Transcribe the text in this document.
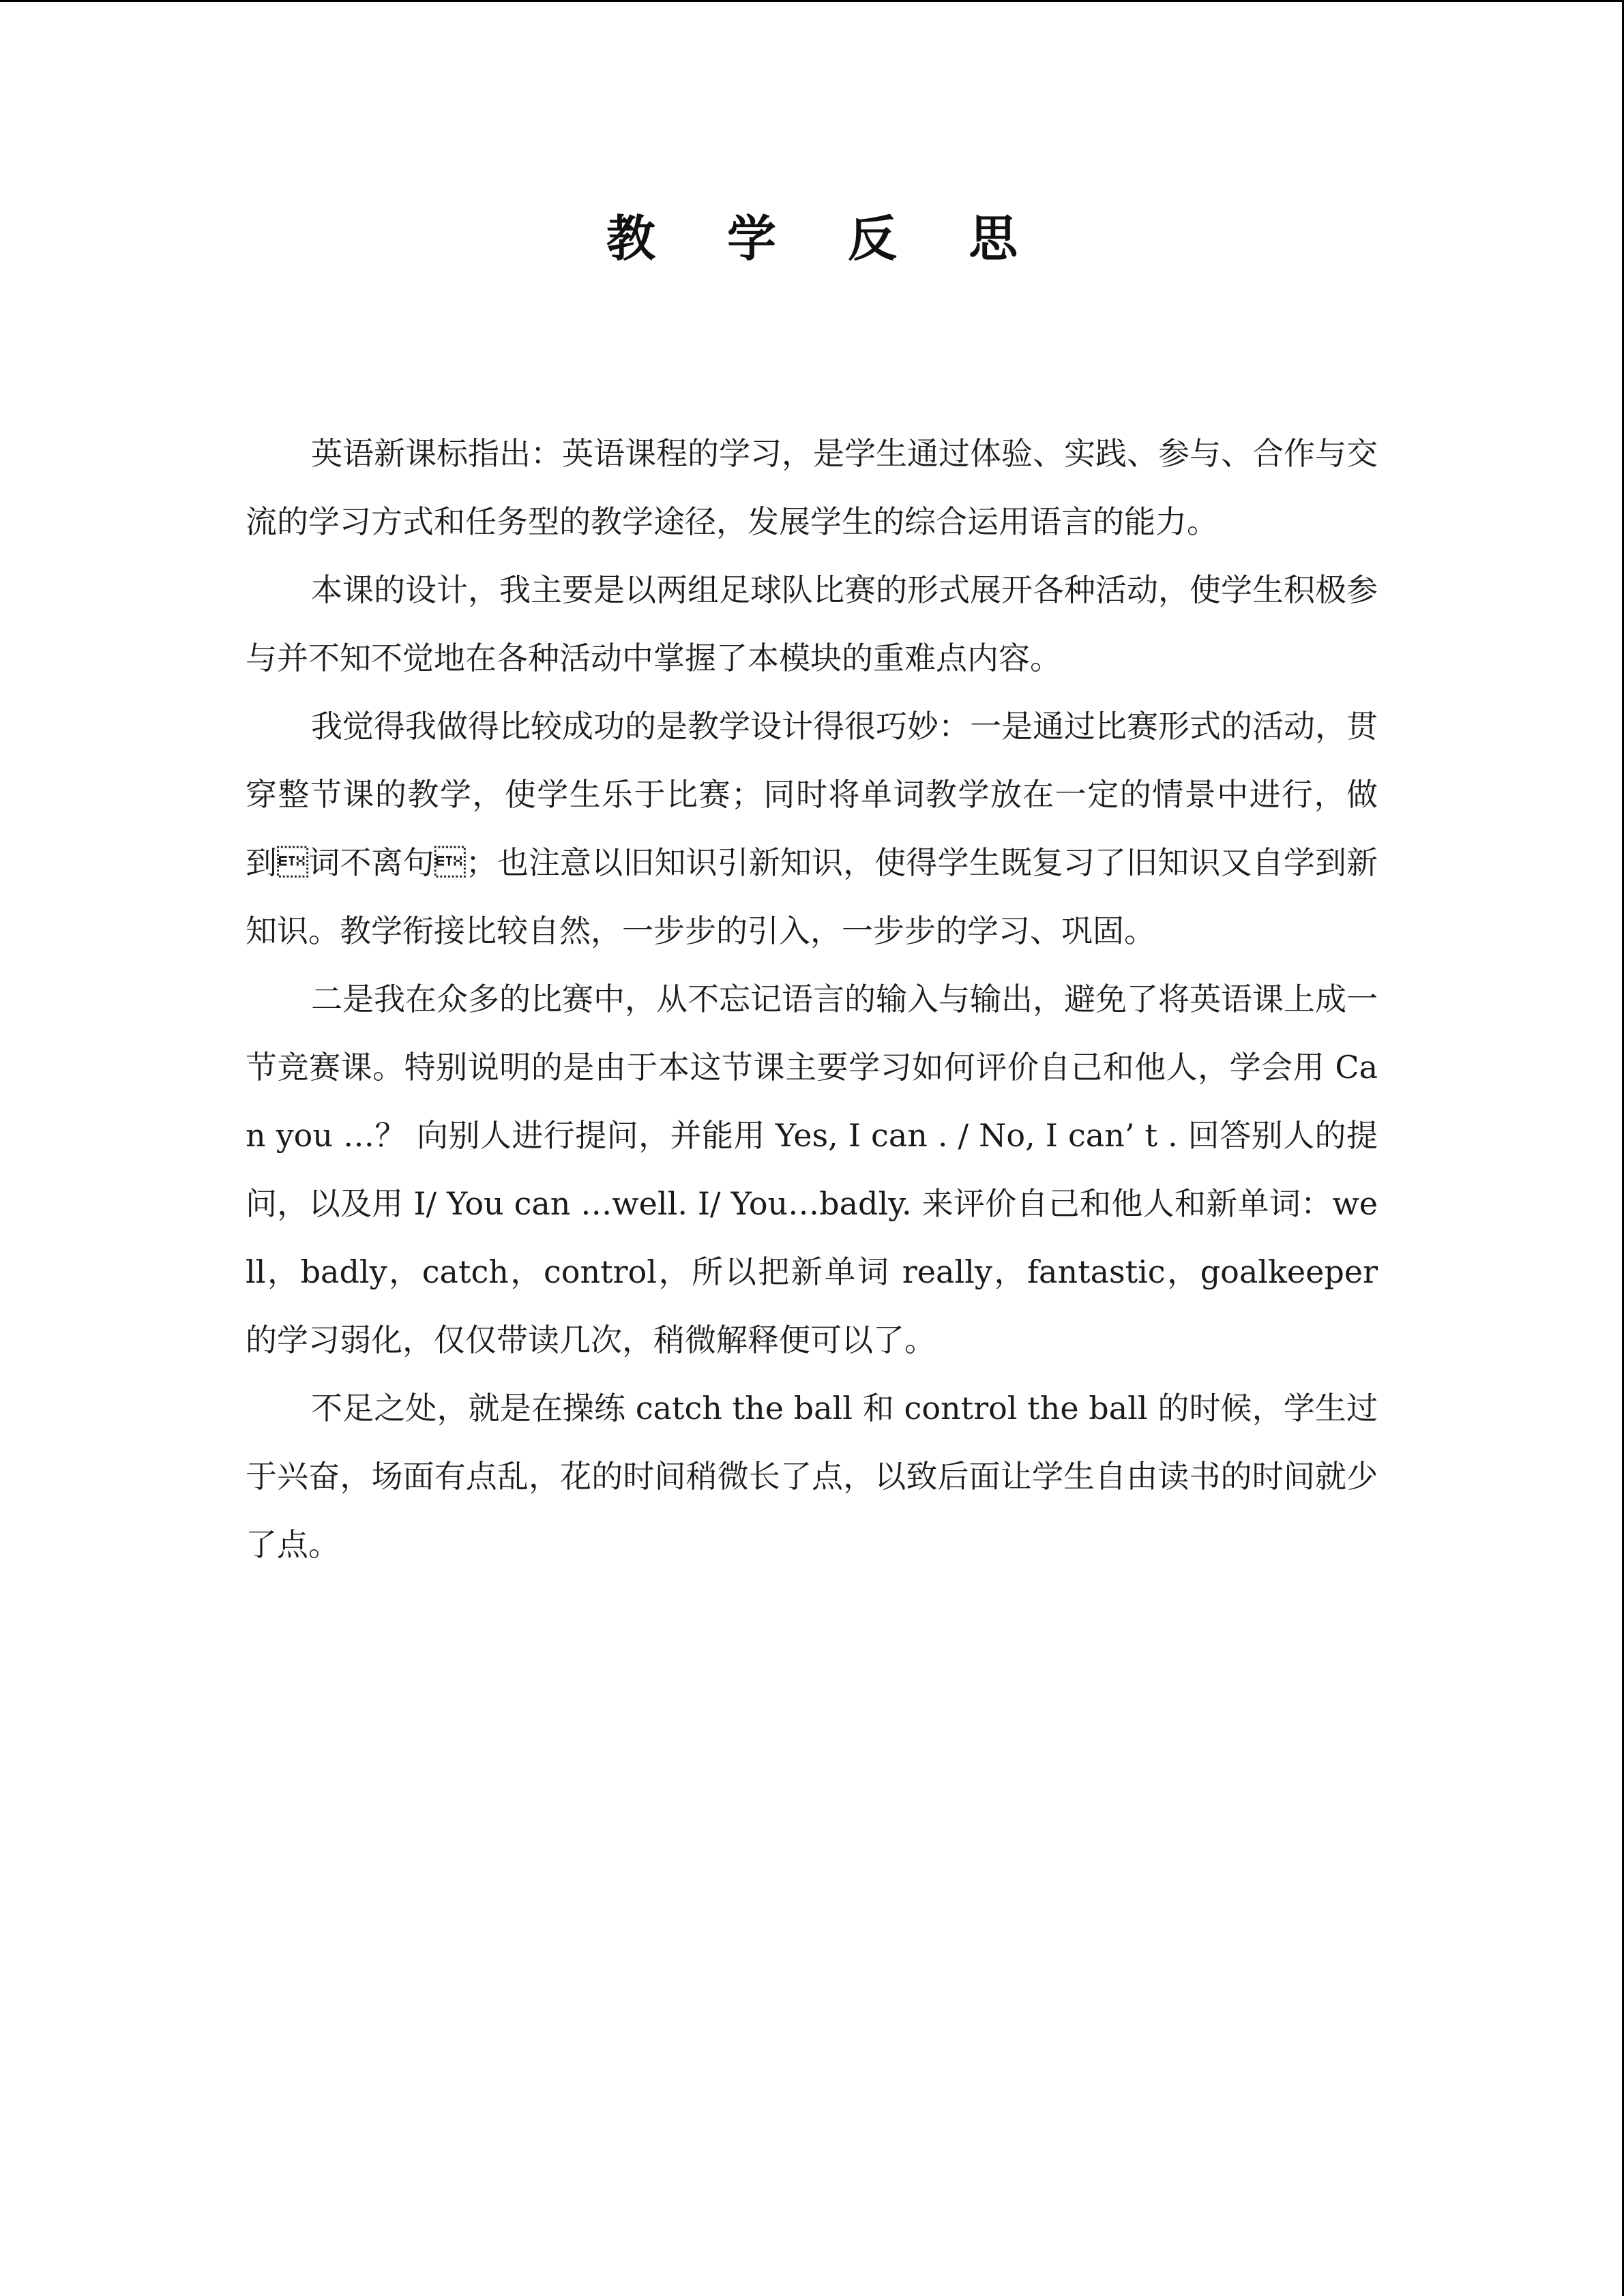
教 学 反 思

英语新课标指出：英语课程的学习，是学生通过体验、实践、参与、合作与交流的学习方式和任务型的教学途径，发展学生的综合运用语言的能力。

本课的设计，我主要是以两组足球队比赛的形式展开各种活动，使学生积极参与并不知不觉地在各种活动中掌握了本模块的重难点内容。

我觉得我做得比较成功的是教学设计得很巧妙：一是通过比赛形式的活动，贯穿整节课的教学，使学生乐于比赛；同时将单词教学放在一定的情景中进行，做到词不离句；也注意以旧知识引新知识，使得学生既复习了旧知识又自学到新知识。教学衔接比较自然，一步步的引入，一步步的学习、巩固。

二是我在众多的比赛中，从不忘记语言的输入与输出，避免了将英语课上成一节竞赛课。特别说明的是由于本这节课主要学习如何评价自己和他人，学会用 Can you …？ 向别人进行提问，并能用 Yes, I can . / No, I can’ t . 回答别人的提问，以及用 I/ You can …well. I/ You…badly. 来评价自己和他人和新单词：well，badly，catch，control，所以把新单词 really，fantastic，goalkeeper 的学习弱化，仅仅带读几次，稍微解释便可以了。

不足之处，就是在操练 catch the ball 和 control the ball 的时候，学生过于兴奋，场面有点乱，花的时间稍微长了点，以致后面让学生自由读书的时间就少了点。
